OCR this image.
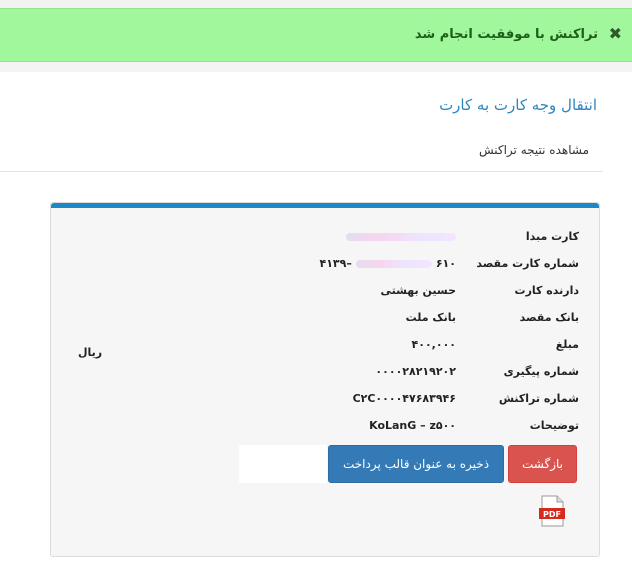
✖
تراکنش با موفقیت انجام شد
انتقال وجه کارت به کارت
مشاهده نتیجه تراکنش
کارت مبدا
شماره کارت مقصد
۶۱۰–۴۱۳۹
دارنده کارت
حسین بهشتی
بانک مقصد
بانک ملت
مبلغ
۴۰۰,۰۰۰
ریال
شماره پیگیری
۰۰۰۰۲۸۲۱۹۲۰۲
شماره تراکنش
C۲C۰۰۰۰۴۷۶۸۳۹۴۶
توضیحات
KoLanG – z۵۰۰
ذخیره به عنوان قالب پرداخت	بازگشت
PDF
